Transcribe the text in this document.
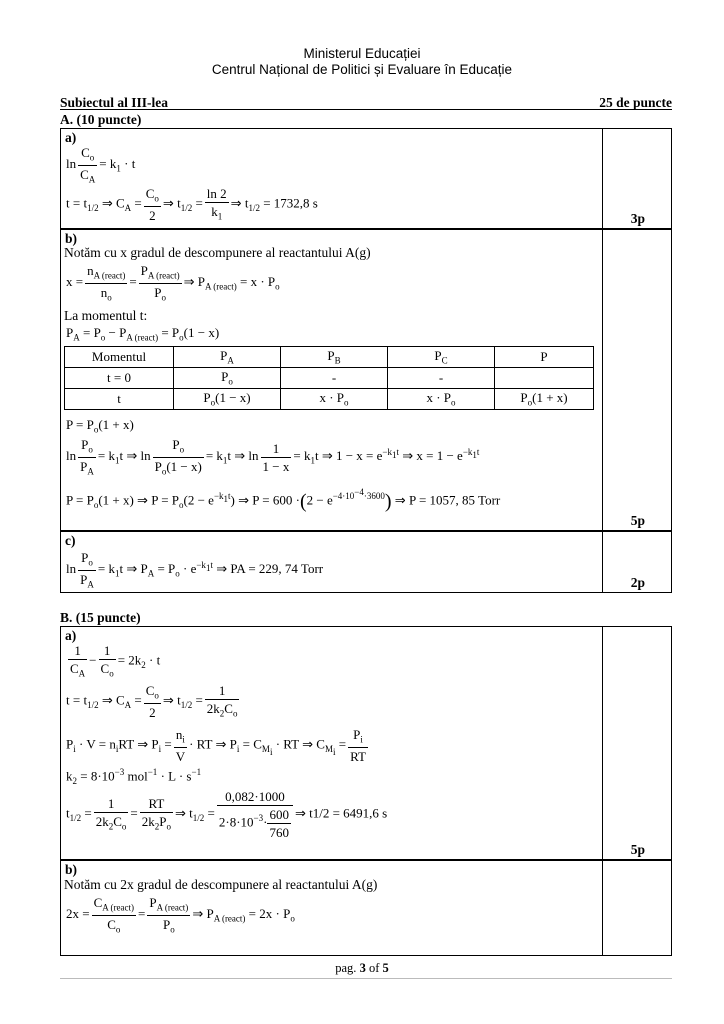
Ministerul Educației
Centrul Național de Politici și Evaluare în Educație
Subiectul al III-lea	25 de puncte
A. (10 puncte)
a)
3p
$\ln \frac{C_o}{C_A} = k_1 \cdot t$
$t = t_{1/2}$ ⇒ $C_A = \frac{C_o}{2}$ ⇒ $t_{1/2} = \frac{\ln 2}{k_1}$ ⇒ $t_{1/2} = 1732,8$ s
b)
5p
Notăm cu x gradul de descompunere al reactantului A(g)
$x = \frac{n_{A (react)}}{n_o} = \frac{P_{A (react)}}{P_o}$ ⇒ $P_{A (react)} = x \cdot P_o$
La momentul t:
$P_A = P_o - P_{A (react)} = P_o(1 - x)$
Momentul	$P_A$	$P_B$	$P_C$	P
t = 0	$P_o$	-	-	
t	$P_o(1 - x)$	$x \cdot P_o$	$x \cdot P_o$	$P_o(1 + x)$
$P = P_o(1 + x)$
$\ln \frac{P_o}{P_A} = k_1t$ ⇒ $\ln \frac{P_o}{P_o(1 - x)} = k_1t$ ⇒ $\ln \frac{1}{1 - x} = k_1t$ ⇒ $1 - x = e^{-k_1t}$ ⇒ $x = 1 - e^{-k_1t}$
$P = P_o(1 + x)$ ⇒ $P = P_o(2 - e^{-k_1t})$ ⇒ $P = 600 \cdot(2 - e^{-4\cdot 10^{-4}\cdot 3600})$ ⇒ P = 1057, 85 Torr
c)
2p
$\ln \frac{P_o}{P_A} = k_1t$ ⇒ $P_A = P_o \cdot e^{-k_1t}$ ⇒ PA = 229, 74 Torr
B. (15 puncte)
a)
5p
$\frac{1}{C_A} - \frac{1}{C_o} = 2k_2 \cdot t$
$t = t_{1/2}$ ⇒ $C_A = \frac{C_o}{2}$ ⇒ $t_{1/2} = \frac{1}{2k_2C_o}$
$P_i \cdot V = n_iRT$ ⇒ $P_i = \frac{n_i}{V}$ · RT ⇒ $P_i = C_{M_i}$ · RT ⇒ $C_{M_i} = \frac{P_i}{RT}$
$k_2 = 8\cdot 10^{-3}$ $mol^{-1} \cdot L \cdot s^{-1}$
$t_{1/2} = \frac{1}{2k_2C_o} = \frac{RT}{2k_2P_o}$ ⇒ $t_{1/2} = \frac{0,082\cdot 1000}{2\cdot 8\cdot 10^{-3}\cdot \frac{600}{760}}$ ⇒ t1/2 = 6491,6 s
b)
Notăm cu 2x gradul de descompunere al reactantului A(g)
$2x = \frac{C_{A (react)}}{C_o} = \frac{P_{A (react)}}{P_o}$ ⇒ $P_{A (react)} = 2x \cdot P_o$
pag. 3 of 5
